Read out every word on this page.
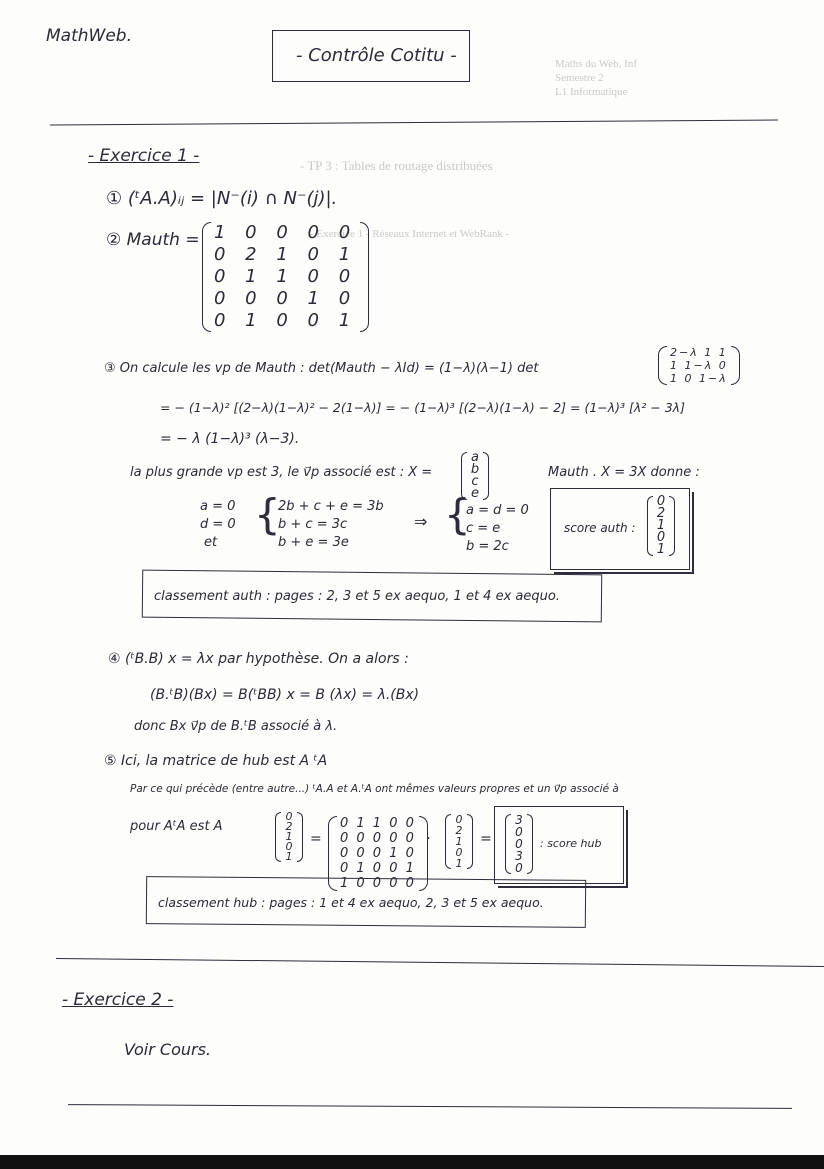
Maths du Web, Inf
Semestre 2
L1 Informatique
- TP 3 : Tables de routage distribuées
- Exercice 1 - Réseaux Internet et WebRank -
MathWeb.
- Contrôle Cotitu -
- Exercice 1 -
① (ᵗA.A)ᵢⱼ = |N⁻(i) ∩ N⁻(j)|.
② Mauth = 1 0 0 0 0
0 2 1 0 1
0 1 1 0 0
0 0 0 1 0
0 1 0 0 1
③ On calcule les vp de Mauth : det(Mauth − λId) = (1−λ)(λ−1) det
2−λ 1 1
1 1−λ 0
1 0 1−λ
= − (1−λ)² [(2−λ)(1−λ)² − 2(1−λ)] = − (1−λ)³ [(2−λ)(1−λ) − 2] = (1−λ)³ [λ² − 3λ]
= − λ (1−λ)³ (λ−3).
la plus grande vp est 3, le v⃗p associé est : X =
a
b
c
e
Mauth . X = 3X donne :
a = 0
d = 0
et
{
2b + c + e = 3b
b + c = 3c
b + e = 3e
⇒ {
a = d = 0
c = e
b = 2c
score auth :
0
2
1
0
1
classement auth : pages : 2, 3 et 5 ex aequo, 1 et 4 ex aequo.
④ (ᵗB.B) x = λx par hypothèse. On a alors :
(B.ᵗB)(Bx) = B(ᵗBB) x = B (λx) = λ.(Bx)
donc Bx v⃗p de B.ᵗB associé à λ.
⑤ Ici, la matrice de hub est A ᵗA
Par ce qui précède (entre autre...) ᵗA.A et A.ᵗA ont mêmes valeurs propres et un v⃗p associé à
pour AᵗA est A
0
2
1
0
1
=
0 1 1 0 0
0 0 0 0 0
0 0 0 1 0
0 1 0 0 1
1 0 0 0 0
·
0
2
1
0
1
=
3
0
0
3
0
: score hub
classement hub : pages : 1 et 4 ex aequo, 2, 3 et 5 ex aequo.
- Exercice 2 -
Voir Cours.
